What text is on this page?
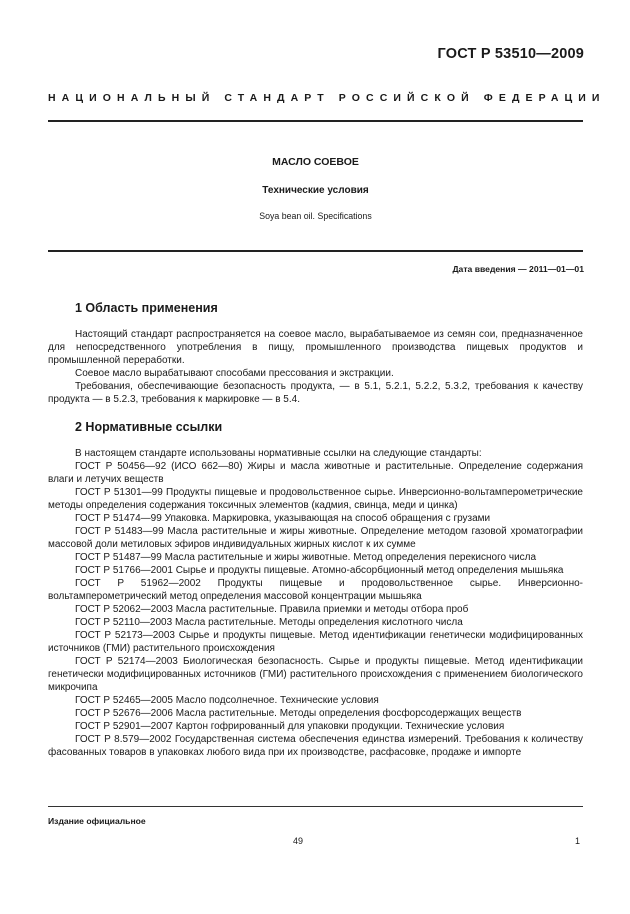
ГОСТ Р 53510—2009
НАЦИОНАЛЬНЫЙ СТАНДАРТ РОССИЙСКОЙ ФЕДЕРАЦИИ
МАСЛО СОЕВОЕ
Технические условия
Soya bean oil. Specifications
Дата введения — 2011—01—01
1 Область применения

Настоящий стандарт распространяется на соевое масло, вырабатываемое из семян сои, предназначенное для непосредственного употребления в пищу, промышленного производства пищевых продуктов и промышленной переработки.

Соевое масло вырабатывают способами прессования и экстракции.

Требования, обеспечивающие безопасность продукта, — в 5.1, 5.2.1, 5.2.2, 5.3.2, требования к качеству продукта — в 5.2.3, требования к маркировке — в 5.4.

2 Нормативные ссылки

В настоящем стандарте использованы нормативные ссылки на следующие стандарты:

ГОСТ Р 50456—92 (ИСО 662—80) Жиры и масла животные и растительные. Определение содержания влаги и летучих веществ

ГОСТ Р 51301—99 Продукты пищевые и продовольственное сырье. Инверсионно-вольтамперометрические методы определения содержания токсичных элементов (кадмия, свинца, меди и цинка)

ГОСТ Р 51474—99 Упаковка. Маркировка, указывающая на способ обращения с грузами

ГОСТ Р 51483—99 Масла растительные и жиры животные. Определение методом газовой хроматографии массовой доли метиловых эфиров индивидуальных жирных кислот к их сумме

ГОСТ Р 51487—99 Масла растительные и жиры животные. Метод определения перекисного числа

ГОСТ Р 51766—2001 Сырье и продукты пищевые. Атомно-абсорбционный метод определения мышьяка

ГОСТ Р 51962—2002 Продукты пищевые и продовольственное сырье. Инверсионно-вольтамперометрический метод определения массовой концентрации мышьяка

ГОСТ Р 52062—2003 Масла растительные. Правила приемки и методы отбора проб

ГОСТ Р 52110—2003 Масла растительные. Методы определения кислотного числа

ГОСТ Р 52173—2003 Сырье и продукты пищевые. Метод идентификации генетически модифицированных источников (ГМИ) растительного происхождения

ГОСТ Р 52174—2003 Биологическая безопасность. Сырье и продукты пищевые. Метод идентификации генетически модифицированных источников (ГМИ) растительного происхождения с применением биологического микрочипа

ГОСТ Р 52465—2005 Масло подсолнечное. Технические условия

ГОСТ Р 52676—2006 Масла растительные. Методы определения фосфорсодержащих веществ

ГОСТ Р 52901—2007 Картон гофрированный для упаковки продукции. Технические условия

ГОСТ Р 8.579—2002 Государственная система обеспечения единства измерений. Требования к количеству фасованных товаров в упаковках любого вида при их производстве, расфасовке, продаже и импорте

Издание официальное
49	1
